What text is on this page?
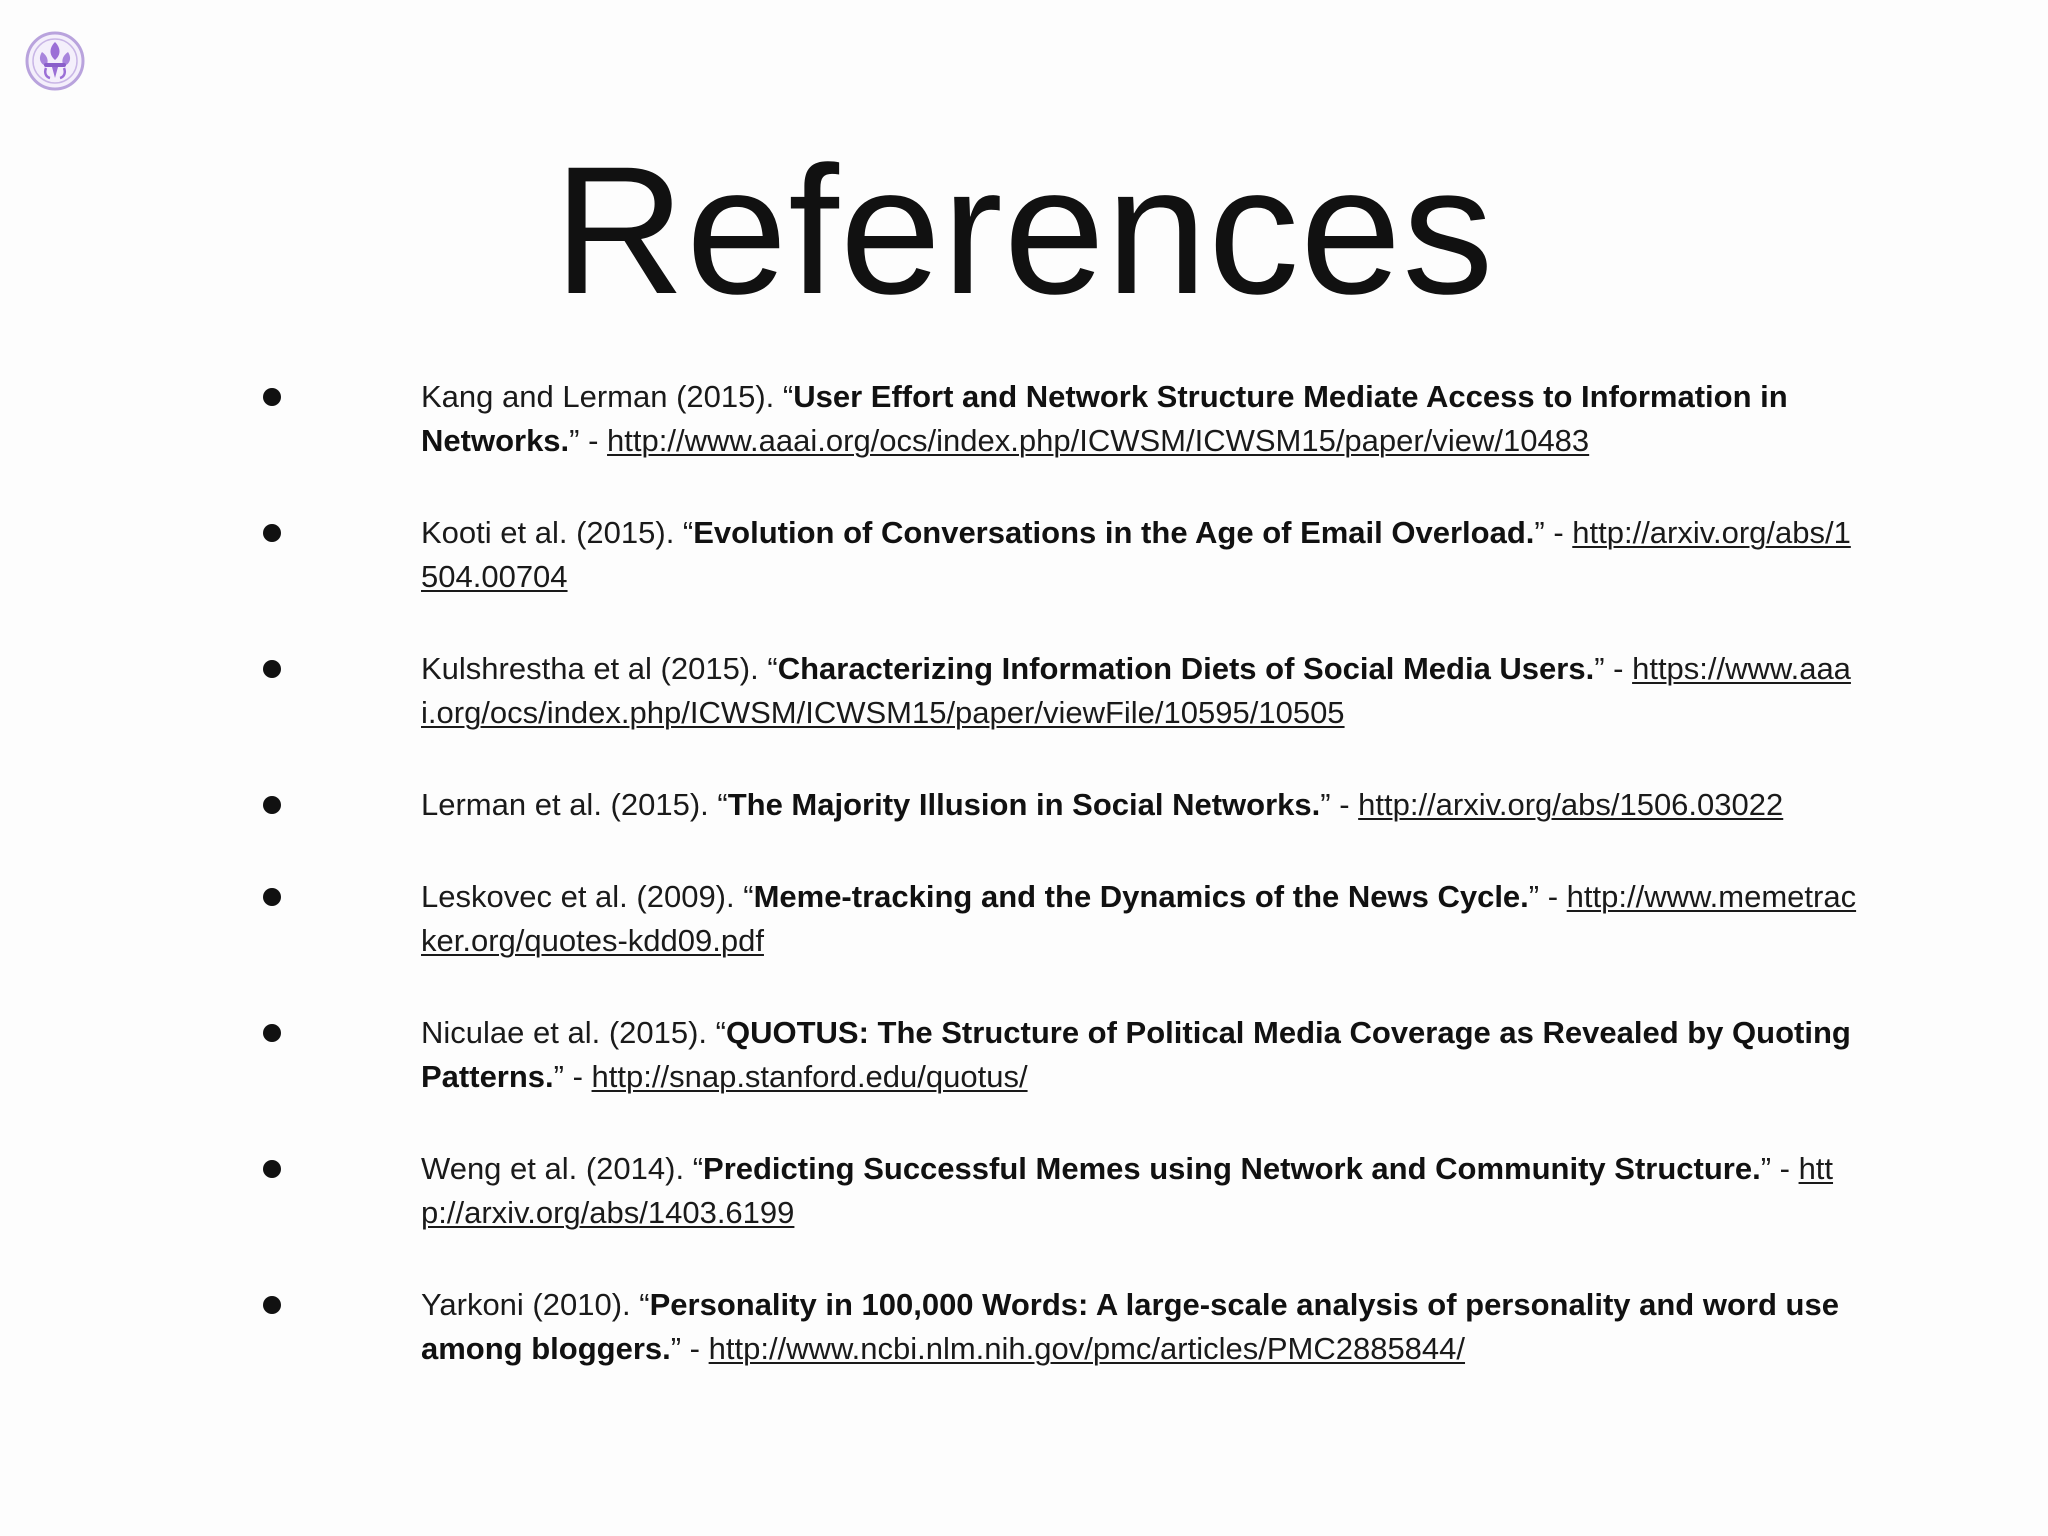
References
Kang and Lerman (2015). “User Effort and Network Structure Mediate Access to Information in Networks.” - http://www.aaai.org/ocs/index.php/ICWSM/ICWSM15/paper/view/10483
Kooti et al. (2015). “Evolution of Conversations in the Age of Email Overload.” - http://arxiv.org/abs/1504.00704
Kulshrestha et al (2015). “Characterizing Information Diets of Social Media Users.” - https://www.aaai.org/ocs/index.php/ICWSM/ICWSM15/paper/viewFile/10595/10505
Lerman et al. (2015). “The Majority Illusion in Social Networks.” - http://arxiv.org/abs/1506.03022
Leskovec et al. (2009). “Meme-tracking and the Dynamics of the News Cycle.” - http://www.memetracker.org/quotes-kdd09.pdf
Niculae et al. (2015). “QUOTUS: The Structure of Political Media Coverage as Revealed by Quoting Patterns.” - http://snap.stanford.edu/quotus/
Weng et al. (2014). “Predicting Successful Memes using Network and Community Structure.” - http://arxiv.org/abs/1403.6199
Yarkoni (2010). “Personality in 100,000 Words: A large-scale analysis of personality and word use among bloggers.” - http://www.ncbi.nlm.nih.gov/pmc/articles/PMC2885844/
